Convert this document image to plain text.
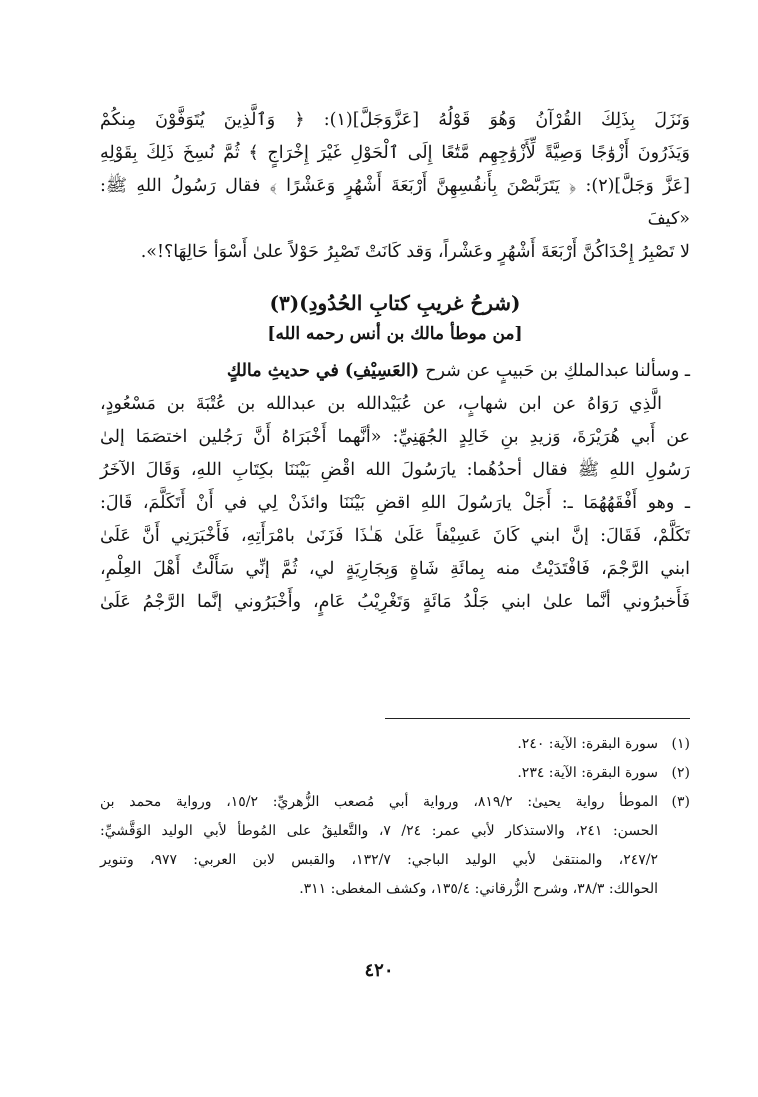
وَنَزَلَ بِذَلِكَ القُرْآنُ وَهُوَ قَوْلُهُ [عَزَّوَجَلَّ](١): ﴿ وَٱلَّذِينَ يُتَوَفَّوْنَ مِنكُمْ

وَيَذَرُونَ أَزْوَٰجًا وَصِيَّةً لِّأَزْوَٰجِهِم مَّتَٰعًا إِلَى ٱلْحَوْلِ غَيْرَ إِخْرَاجٍ ﴾ ثُمَّ نُسِخَ ذَلِكَ بِقَوْلِهِ

[عَزَّ وَجَلَّ](٢): ﴿ يَتَرَبَّصْنَ بِأَنفُسِهِنَّ أَرْبَعَةَ أَشْهُرٍ وَعَشْرًا ﴾ فقال رَسُولُ اللهِ ﷺ: «كيفَ

لا تَصْبِرُ إِحْدَاكُنَّ أَرْبَعَةَ أَشْهُرٍ وعَشْراً، وَقد كَانَتْ تَصْبِرُ حَوْلاً علىٰ أَسْوَأ حَالِهَا؟!».

(شرحُ غريبِ كتابِ الحُدُودِ)(٣)
[من موطأ مالك بن أنس رحمه الله]

ـ وسألنا عبدالملكِ بن حَبيبٍ عن شرح (العَسِيْفِ) في حديثِ مالكٍ

الَّذِي رَوَاهُ عن ابن شهابٍ، عن عُبَيْدالله بن عبدالله بن عُتْبَةَ بن مَسْعُودٍ،

عن أَبي هُرَيْرَةَ، وَزيدِ بنِ خَالِدٍ الجُهَنِيِّ: «أنَّهما أَخْبَرَاهُ أَنَّ رَجُلين اختصَمَا إلىٰ

رَسُولِ اللهِ ﷺ فقال أحدُهُما: يارَسُولَ الله اقْضِ بَيْنَنَا بكِتَابِ اللهِ، وَقَالَ الآخَرُ

ـ وهو أَفْقَهُهُمَا ـ: أَجَلْ يارَسُولَ اللهِ اقضِ بَيْنَنَا وائذَنْ لِي في أَنْ أَتَكَلَّمَ، قَالَ:

تَكَلَّمْ، فَقَالَ: إنَّ ابني كَانَ عَسِيْفاً عَلَىٰ هَـٰذَا فَزَنَىٰ بامْرَأَتِهِ، فَأَخْبَرَنِي أَنَّ عَلَىٰ

ابني الرَّجْمَ، فَافْتَدَيْتُ منه بِمائَةِ شَاةٍ وَبِجَارِيَةٍ لي، ثُمَّ إنِّي سَأَلْتُ أَهْلَ العِلْمِ،

فَأَخبرُوني أنَّما علىٰ ابني جَلْدُ مَائَةٍ وَتَغْرِيْبُ عَامٍ، وأَخْبَرُوني إنَّما الرَّجْمُ عَلَىٰ

(١)
سورة البقرة: الآية: ٢٤٠.
(٢)
سورة البقرة: الآية: ٢٣٤.
(٣)
الموطأ رواية يحيىٰ: ٨١٩/٢، ورواية أبي مُصعب الزُّهريِّ: ١٥/٢، ورواية محمد بن
الحسن: ٢٤١، والاستذكار لأبي عمر: ٢٤/ ٧، والتَّعليقُ على المُوطأ لأبي الوليد الوَقَّشيِّ:
٢٤٧/٢، والمنتقىٰ لأبي الوليد الباجي: ١٣٢/٧، والقبس لابن العربي: ٩٧٧، وتنوير
الحوالك: ٣٨/٣، وشرح الزُّرقاني: ١٣٥/٤، وكشف المغطى: ٣١١.
٤٢٠
